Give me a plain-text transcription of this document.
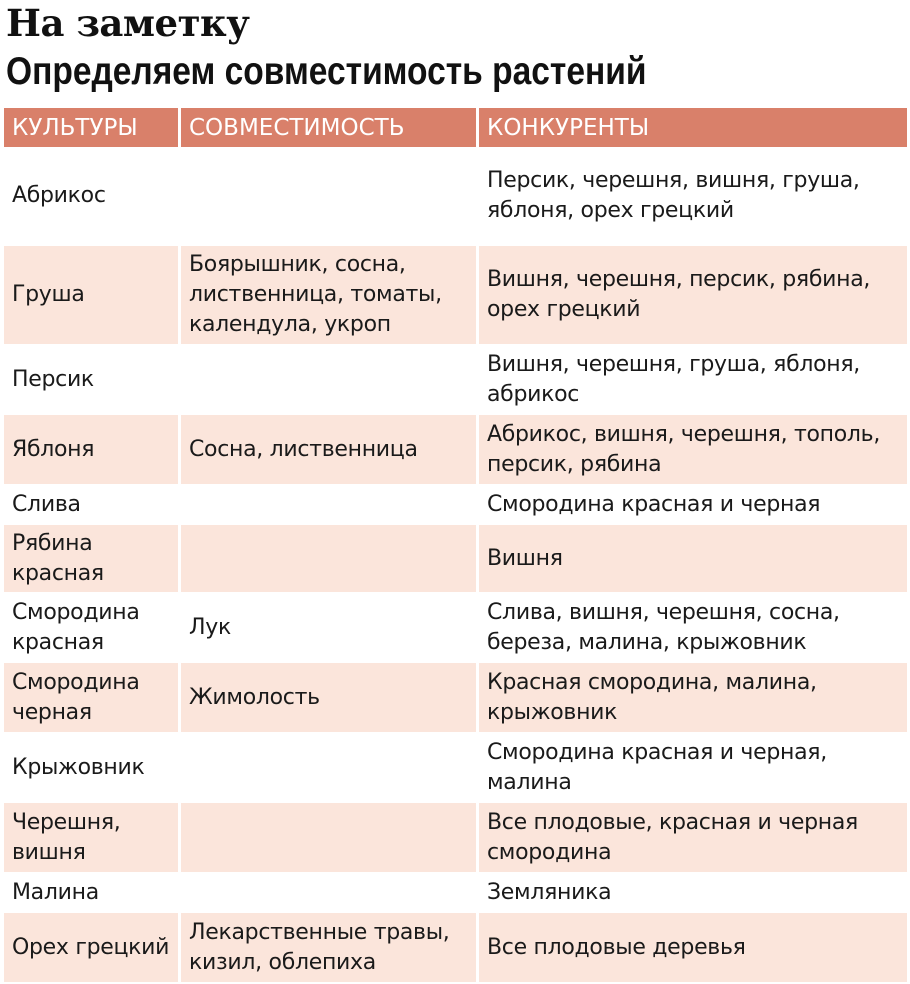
На заметку
Определяем совместимость растений
КУЛЬТУРЫ	СОВМЕСТИМОСТЬ	КОНКУРЕНТЫ
Абрикос		Персик, черешня, вишня, груша, яблоня, орех грецкий
Груша	Боярышник, сосна, лиственница, томаты, календула, укроп	Вишня, черешня, персик, рябина, орех грецкий
Персик		Вишня, черешня, груша, яблоня, абрикос
Яблоня	Сосна, лиственница	Абрикос, вишня, черешня, тополь, персик, рябина
Слива		Смородина красная и черная
Рябина красная		Вишня
Смородина красная	Лук	Слива, вишня, черешня, сосна, береза, малина, крыжовник
Смородина черная	Жимолость	Красная смородина, малина, крыжовник
Крыжовник		Смородина красная и черная, малина
Черешня, вишня		Все плодовые, красная и черная смородина
Малина		Земляника
Орех грецкий	Лекарственные травы, кизил, облепиха	Все плодовые деревья
